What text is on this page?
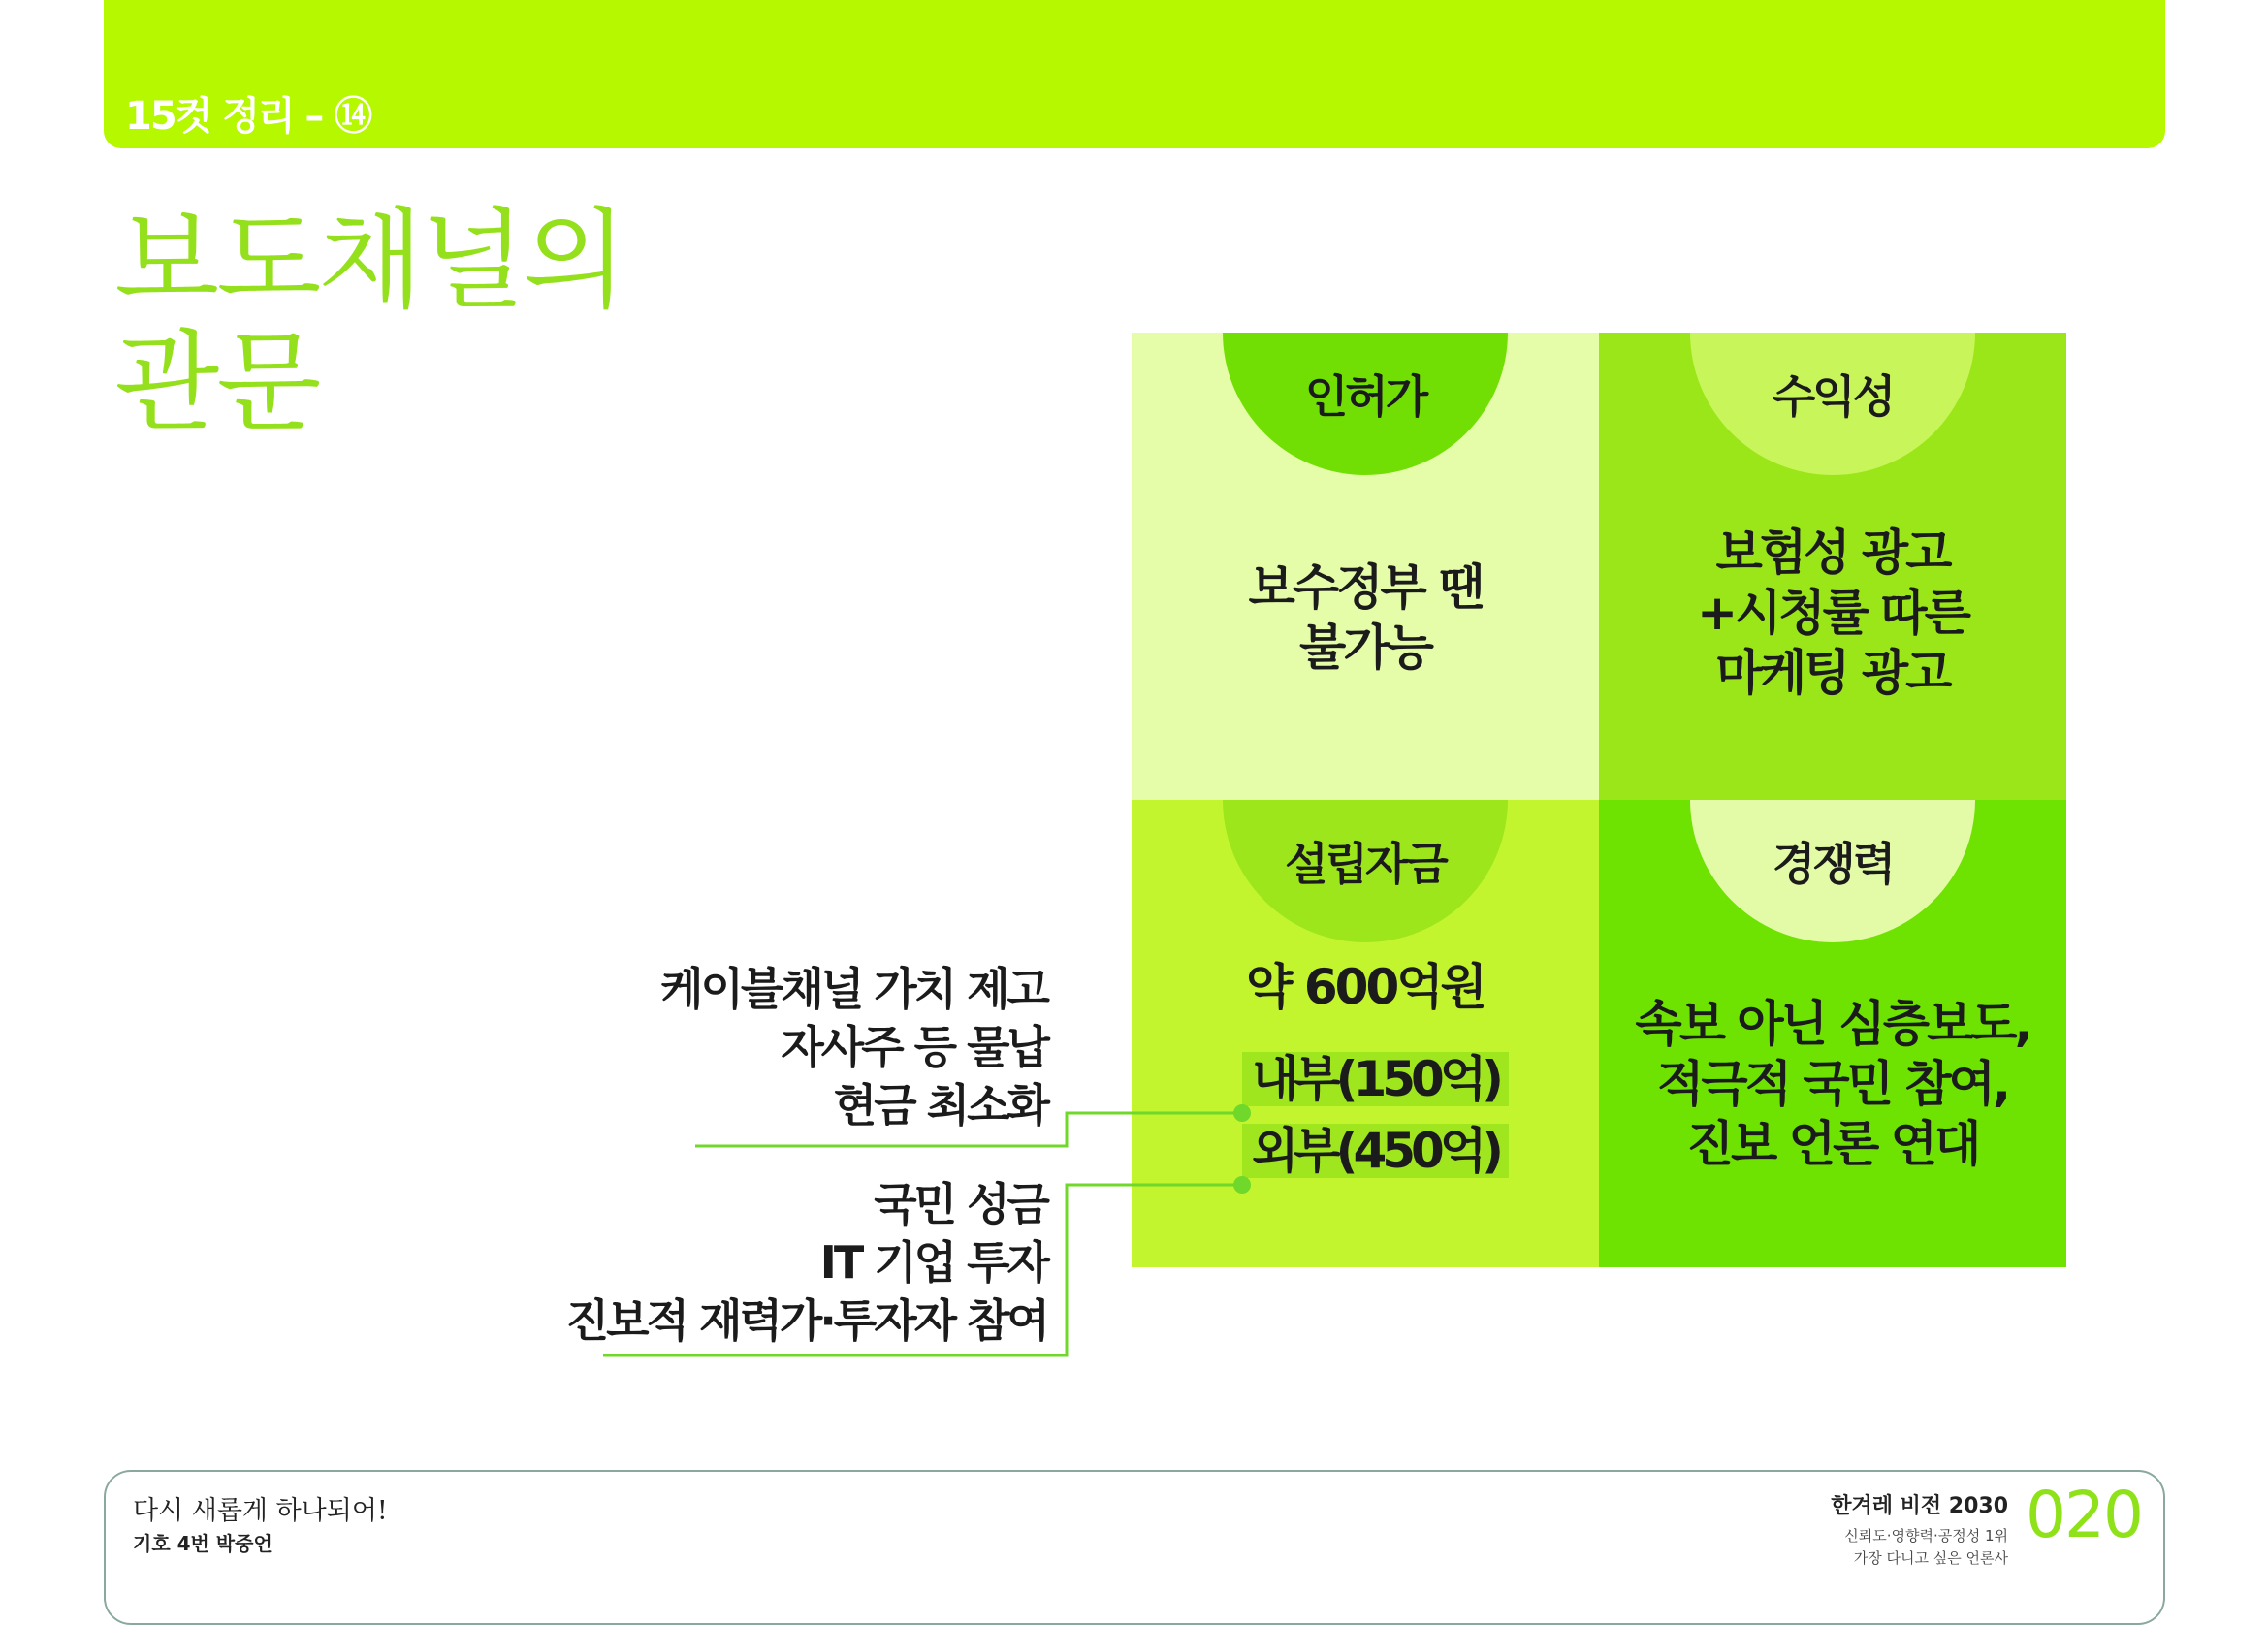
15컷 정리 – ⑭
보도채널의
관문	인허가
보수정부 땐
불가능
수익성
보험성 광고
+시청률 따른
마케팅 광고
설립자금
약 600억원
내부(150억)
외부(450억)
경쟁력
속보 아닌 심층보도,
적극적 국민 참여,
진보 언론 연대
케이블채널 가치 제고
자사주 등 물납
현금 최소화
국민 성금
IT 기업 투자
진보적 재력가·투자자 참여
다시 새롭게 하나되어!
기호 4번 박중언
한겨레 비전 2030
신뢰도·영향력·공정성 1위
가장 다니고 싶은 언론사
020
